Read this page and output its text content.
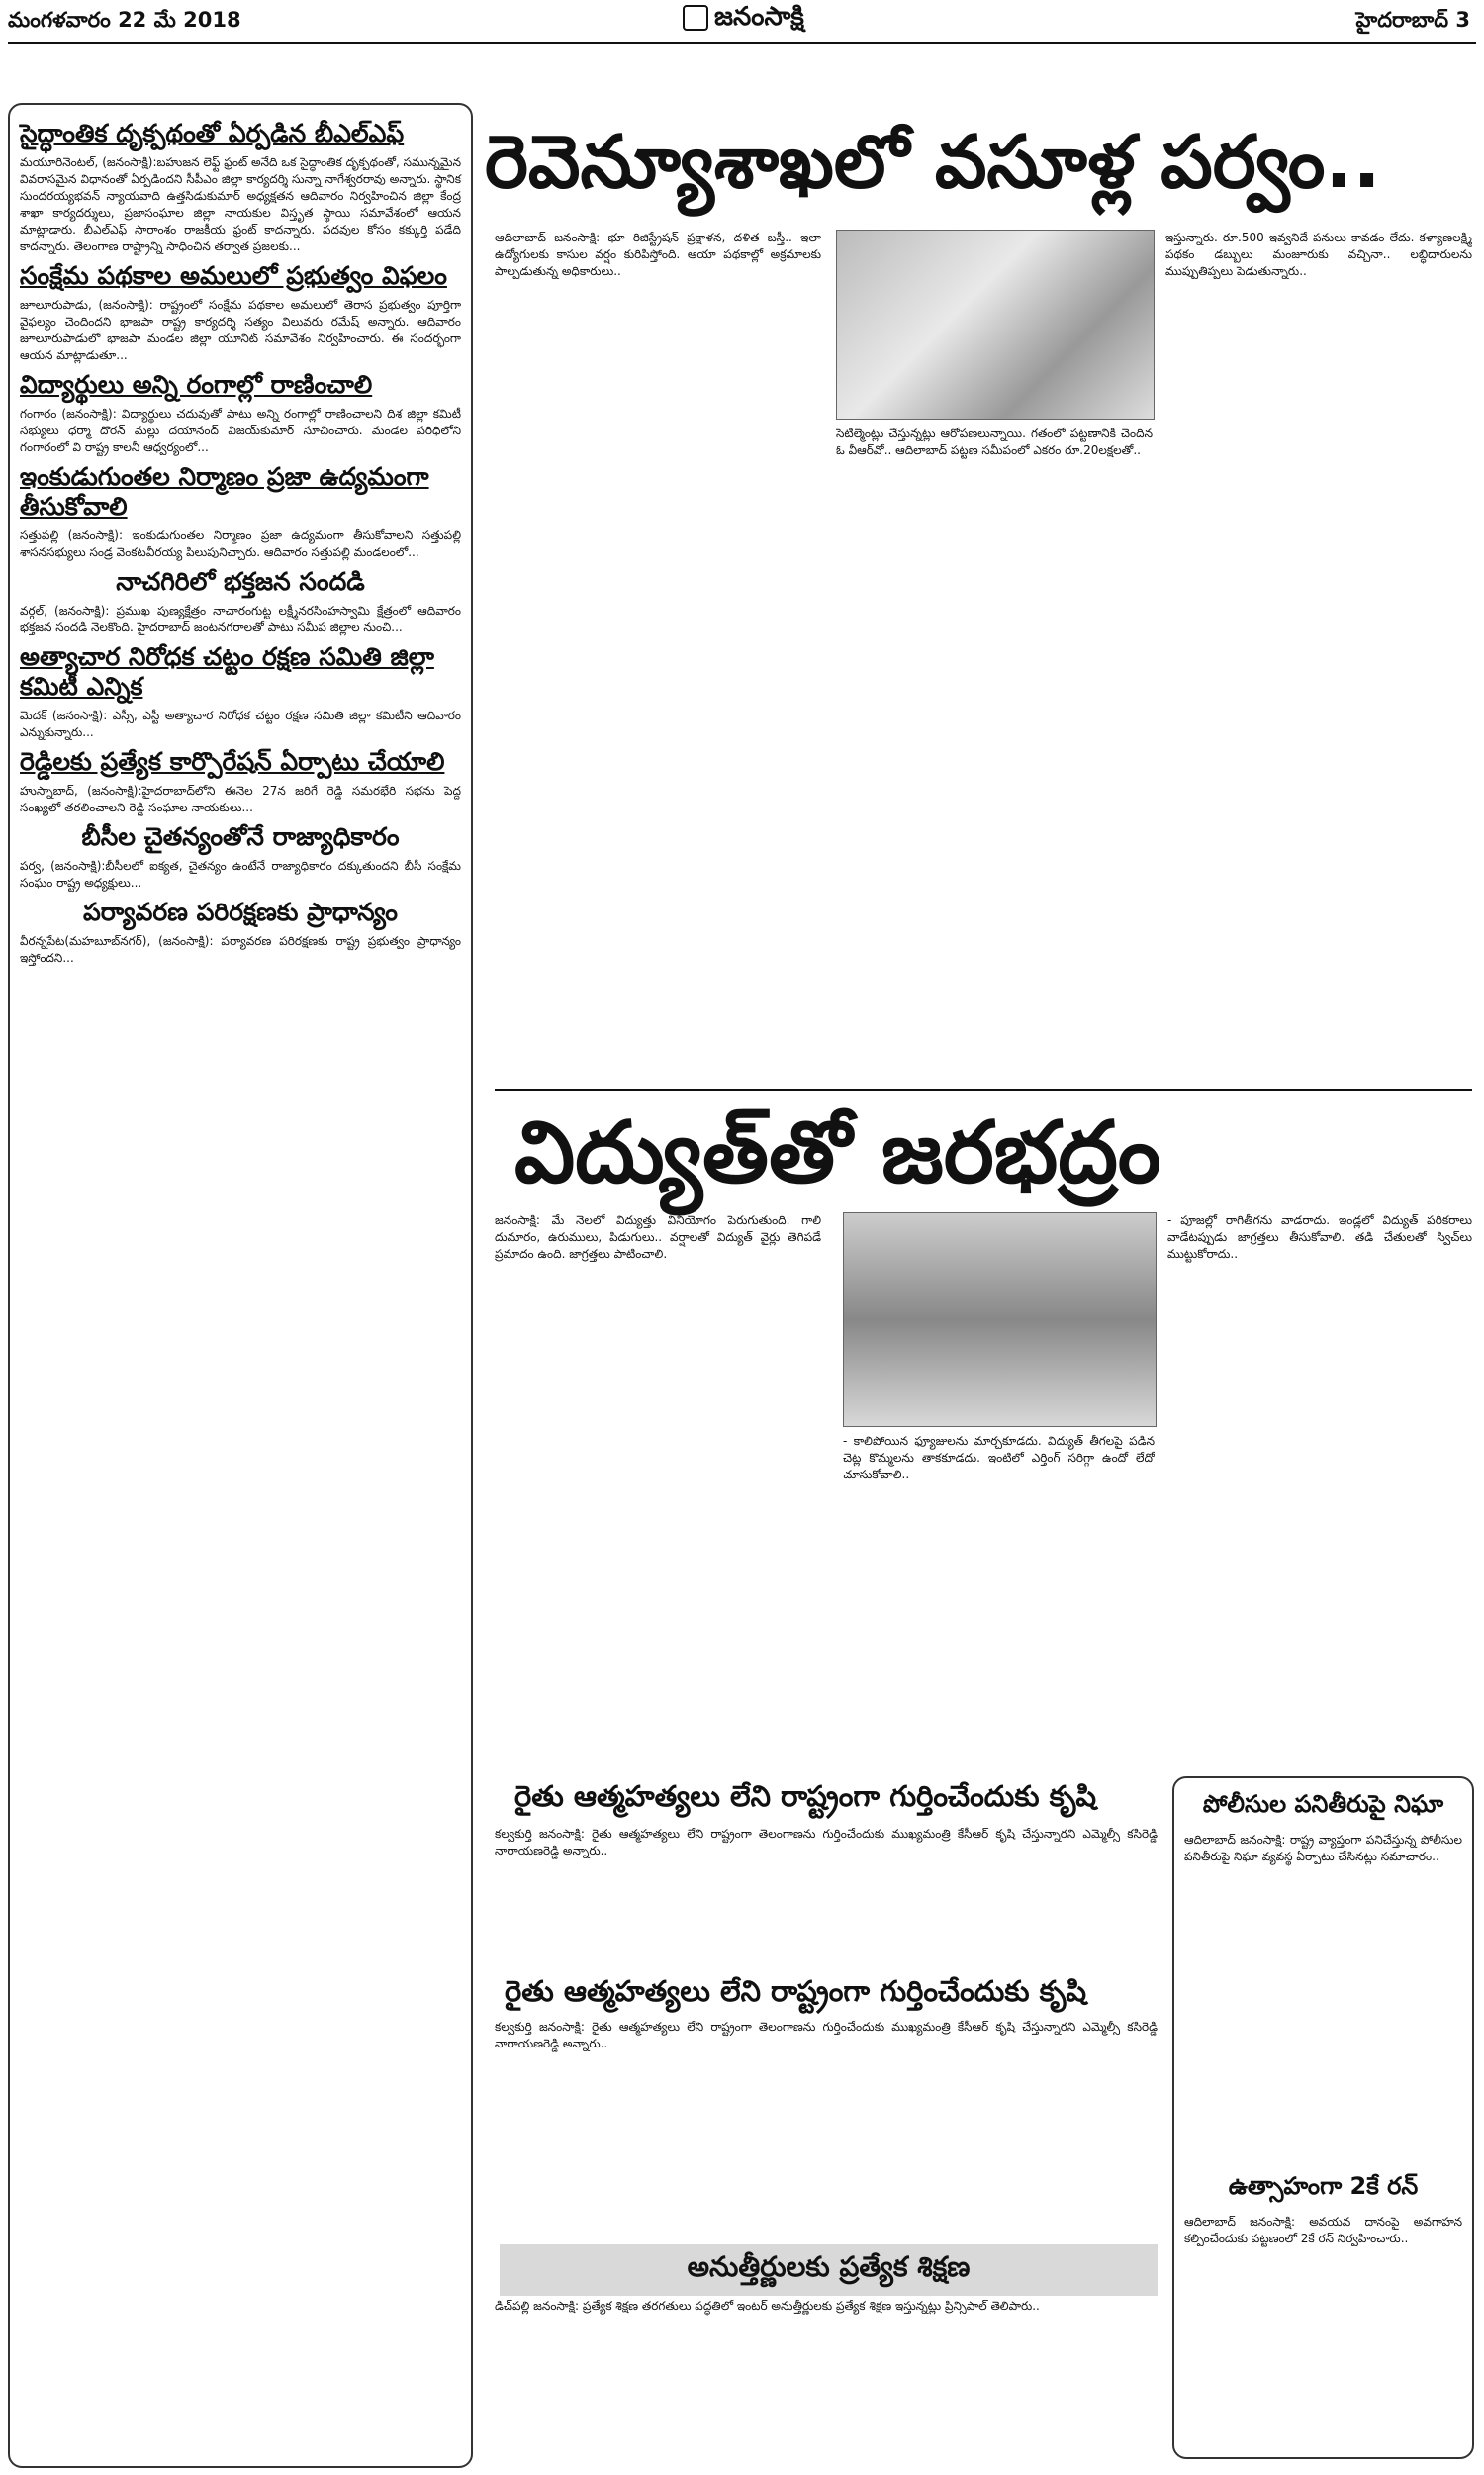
మంగళవారం 22 మే 2018	జనంసాక్షి	హైదరాబాద్ 3
సైద్ధాంతిక దృక్పథంతో ఏర్పడిన బీఎల్‌ఎఫ్

మయూరినెంటల్, (జనంసాక్షి):బహుజన లెఫ్ట్ ఫ్రంట్ అనేది ఒక సైద్ధాంతిక దృక్పథంతో, సమున్నమైన వివరాసమైన విధానంతో ఏర్పడిందని సీపీఎం జిల్లా కార్యదర్శి సున్నా నాగేశ్వరరావు అన్నారు. స్థానిక సుందరయ్యభవన్ న్యాయవాది ఉత్తసిడుకుమార్ అధ్యక్షతన ఆదివారం నిర్వహించిన జిల్లా కేంద్ర శాఖా కార్యదర్శులు, ప్రజాసంఘాల జిల్లా నాయకుల విస్తృత స్థాయి సమావేశంలో ఆయన మాట్లాడారు. బీఎల్‌ఎఫ్ సారాంశం రాజకీయ ఫ్రంట్ కాదన్నారు. పదవుల కోసం కక్కుర్తి పడేది కాదన్నారు. తెలంగాణ రాష్ట్రాన్ని సాధించిన తర్వాత ప్రజలకు...

సంక్షేమ పథకాల అమలులో ప్రభుత్వం విఫలం

జూలూరుపాడు, (జనంసాక్షి): రాష్ట్రంలో సంక్షేమ పథకాల అమలులో తెరాస ప్రభుత్వం పూర్తిగా వైఫల్యం చెందిందని భాజపా రాష్ట్ర కార్యదర్శి సత్యం విలువరు రమేష్ అన్నారు. ఆదివారం జూలూరుపాడులో భాజపా మండల జిల్లా యూనిట్ సమావేశం నిర్వహించారు. ఈ సందర్భంగా ఆయన మాట్లాడుతూ...

విద్యార్థులు అన్ని రంగాల్లో రాణించాలి

గంగారం (జనంసాక్షి): విద్యార్థులు చదువుతో పాటు అన్ని రంగాల్లో రాణించాలని దిశ జిల్లా కమిటీ సభ్యులు ధర్మా దొరన్ మల్లు దయానంద్ విజయ్‌కుమార్ సూచించారు. మండల పరిధిలోని గంగారంలో వి రాష్ట్ర కాలనీ ఆధ్వర్యంలో...

ఇంకుడుగుంతల నిర్మాణం ప్రజా ఉద్యమంగా తీసుకోవాలి

సత్తుపల్లి (జనంసాక్షి): ఇంకుడుగుంతల నిర్మాణం ప్రజా ఉద్యమంగా తీసుకోవాలని సత్తుపల్లి శాసనసభ్యులు సండ్ర వెంకటవీరయ్య పిలుపునిచ్చారు. ఆదివారం సత్తుపల్లి మండలంలో...

నాచగిరిలో భక్తజన సందడి

వర్గల్, (జనంసాక్షి): ప్రముఖ పుణ్యక్షేత్రం నాచారంగుట్ట లక్ష్మీనరసింహస్వామి క్షేత్రంలో ఆదివారం భక్తజన సందడి నెలకొంది. హైదరాబాద్ జంటనగరాలతో పాటు సమీప జిల్లాల నుంచి...

అత్యాచార నిరోధక చట్టం రక్షణ సమితి జిల్లా కమిటీ ఎన్నిక

మెదక్ (జనంసాక్షి): ఎస్సీ, ఎస్టీ అత్యాచార నిరోధక చట్టం రక్షణ సమితి జిల్లా కమిటీని ఆదివారం ఎన్నుకున్నారు...

రెడ్డిలకు ప్రత్యేక కార్పొరేషన్ ఏర్పాటు చేయాలి

హుస్నాబాద్, (జనంసాక్షి):హైదరాబాద్‌లోని ఈనెల 27న జరిగే రెడ్డి సమరభేరి సభను పెద్ద సంఖ్యలో తరలించాలని రెడ్డి సంఘాల నాయకులు...

బీసీల చైతన్యంతోనే రాజ్యాధికారం

పర్వ, (జనంసాక్షి):బీసీలలో ఐక్యత, చైతన్యం ఉంటేనే రాజ్యాధికారం దక్కుతుందని బీసీ సంక్షేమ సంఘం రాష్ట్ర అధ్యక్షులు...

పర్యావరణ పరిరక్షణకు ప్రాధాన్యం

వీరన్నపేట(మహబూబ్‌నగర్), (జనంసాక్షి): పర్యావరణ పరిరక్షణకు రాష్ట్ర ప్రభుత్వం ప్రాధాన్యం ఇస్తోందని...

రెవెన్యూశాఖలో వసూళ్ల పర్వం..
ఆదిలాబాద్ జనంసాక్షి: భూ రిజిస్ట్రేషన్‌ ప్రక్షాళన, దళిత బస్తీ.. ఇలా ఉద్యోగులకు కాసుల వర్షం కురిపిస్తోంది. ఆయా పథకాల్లో అక్రమాలకు పాల్పడుతున్న అధికారులు..
సెటిల్మెంట్లు చేస్తున్నట్లు ఆరోపణలున్నాయి. గతంలో పట్టణానికి చెందిన ఓ వీఆర్‌వో.. ఆదిలాబాద్ పట్టణ సమీపంలో ఎకరం రూ.20లక్షలతో..
ఇస్తున్నారు. రూ.500 ఇవ్వనిదే పనులు కావడం లేదు. కళ్యాణలక్ష్మి పథకం డబ్బులు మంజూరుకు వచ్చినా.. లబ్ధిదారులను ముప్పుతిప్పలు పెడుతున్నారు..
విద్యుత్‌తో జరభద్రం
జనంసాక్షి: మే నెలలో విద్యుత్తు వినియోగం పెరుగుతుంది. గాలి దుమారం, ఉరుములు, పిడుగులు.. వర్షాలతో విద్యుత్ వైర్లు తెగిపడే ప్రమాదం ఉంది. జాగ్రత్తలు పాటించాలి.
- కాలిపోయిన ఫ్యూజులను మార్చకూడదు. విద్యుత్ తీగలపై పడిన చెట్ల కొమ్మలను తాకకూడదు. ఇంటిలో ఎర్తింగ్ సరిగ్గా ఉందో లేదో చూసుకోవాలి..
- పూజల్లో రాగితీగను వాడరాదు. ఇండ్లలో విద్యుత్ పరికరాలు వాడేటప్పుడు జాగ్రత్తలు తీసుకోవాలి. తడి చేతులతో స్విచ్‌లు ముట్టుకోరాదు..
రైతు ఆత్మహత్యలు లేని రాష్ట్రంగా గుర్తించేందుకు కృషి
కల్వకుర్తి జనంసాక్షి: రైతు ఆత్మహత్యలు లేని రాష్ట్రంగా తెలంగాణను గుర్తించేందుకు ముఖ్యమంత్రి కేసీఆర్ కృషి చేస్తున్నారని ఎమ్మెల్సీ కసిరెడ్డి నారాయణరెడ్డి అన్నారు..
రైతు ఆత్మహత్యలు లేని రాష్ట్రంగా గుర్తించేందుకు కృషి
కల్వకుర్తి జనంసాక్షి: రైతు ఆత్మహత్యలు లేని రాష్ట్రంగా తెలంగాణను గుర్తించేందుకు ముఖ్యమంత్రి కేసీఆర్ కృషి చేస్తున్నారని ఎమ్మెల్సీ కసిరెడ్డి నారాయణరెడ్డి అన్నారు..
అనుత్తీర్ణులకు ప్రత్యేక శిక్షణ
డిచ్‌పల్లి జనంసాక్షి: ప్రత్యేక శిక్షణ తరగతులు పద్ధతిలో ఇంటర్ అనుత్తీర్ణులకు ప్రత్యేక శిక్షణ ఇస్తున్నట్లు ప్రిన్సిపాల్ తెలిపారు..
పోలీసుల పనితీరుపై నిఘా
ఆదిలాబాద్ జనంసాక్షి: రాష్ట్ర వ్యాప్తంగా పనిచేస్తున్న పోలీసుల పనితీరుపై నిఘా వ్యవస్థ ఏర్పాటు చేసినట్లు సమాచారం..
ఉత్సాహంగా 2కే రన్
ఆదిలాబాద్ జనంసాక్షి: అవయవ దానంపై అవగాహన కల్పించేందుకు పట్టణంలో 2కే రన్ నిర్వహించారు..
